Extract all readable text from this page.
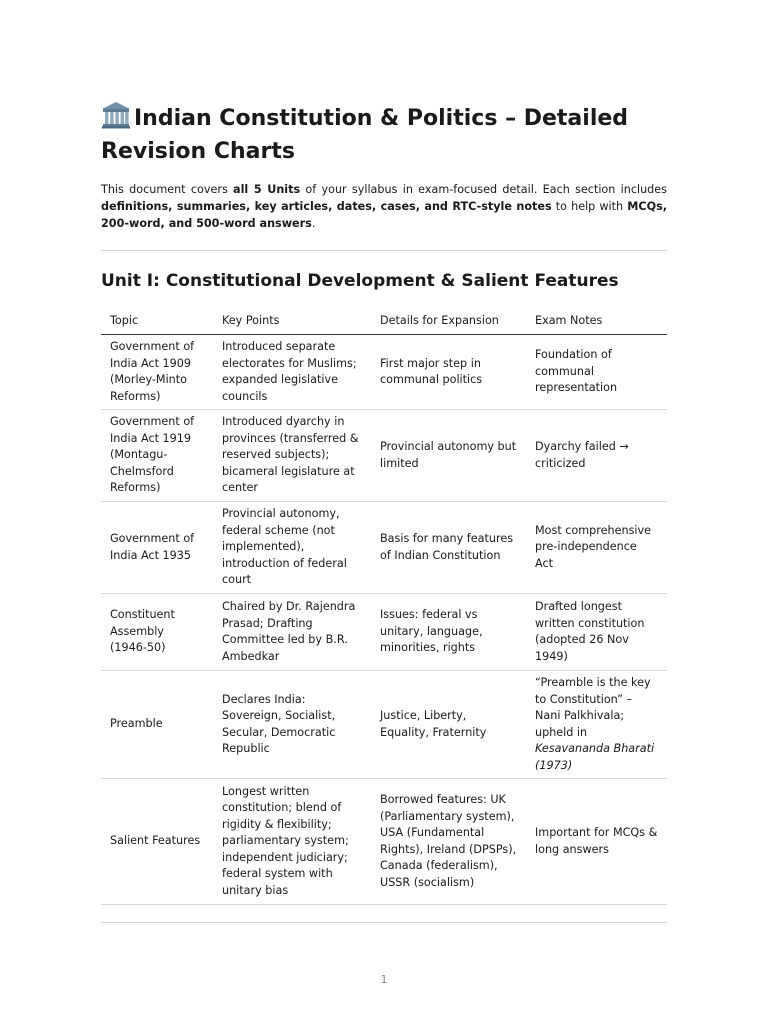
Indian Constitution & Politics – Detailed Revision Charts

This document covers all 5 Units of your syllabus in exam-focused detail. Each section includes definitions, summaries, key articles, dates, cases, and RTC-style notes to help with MCQs, 200-word, and 500-word answers.

Unit I: Constitutional Development & Salient Features
Topic	Key Points	Details for Expansion	Exam Notes
Government of India Act 1909 (Morley-Minto Reforms)	Introduced separate electorates for Muslims; expanded legislative councils	First major step in communal politics	Foundation of communal representation
Government of India Act 1919 (Montagu-Chelmsford Reforms)	Introduced dyarchy in provinces (transferred & reserved subjects); bicameral legislature at center	Provincial autonomy but limited	Dyarchy failed → criticized
Government of India Act 1935	Provincial autonomy, federal scheme (not implemented), introduction of federal court	Basis for many features of Indian Constitution	Most comprehensive pre-independence Act
Constituent Assembly (1946-50)	Chaired by Dr. Rajendra Prasad; Drafting Committee led by B.R. Ambedkar	Issues: federal vs unitary, language, minorities, rights	Drafted longest written constitution (adopted 26 Nov 1949)
Preamble	Declares India: Sovereign, Socialist, Secular, Democratic Republic	Justice, Liberty, Equality, Fraternity	“Preamble is the key to Constitution” – Nani Palkhivala; upheld in Kesavananda Bharati (1973)
Salient Features	Longest written constitution; blend of rigidity & flexibility; parliamentary system; independent judiciary; federal system with unitary bias	Borrowed features: UK (Parliamentary system), USA (Fundamental Rights), Ireland (DPSPs), Canada (federalism), USSR (socialism)	Important for MCQs & long answers
1
